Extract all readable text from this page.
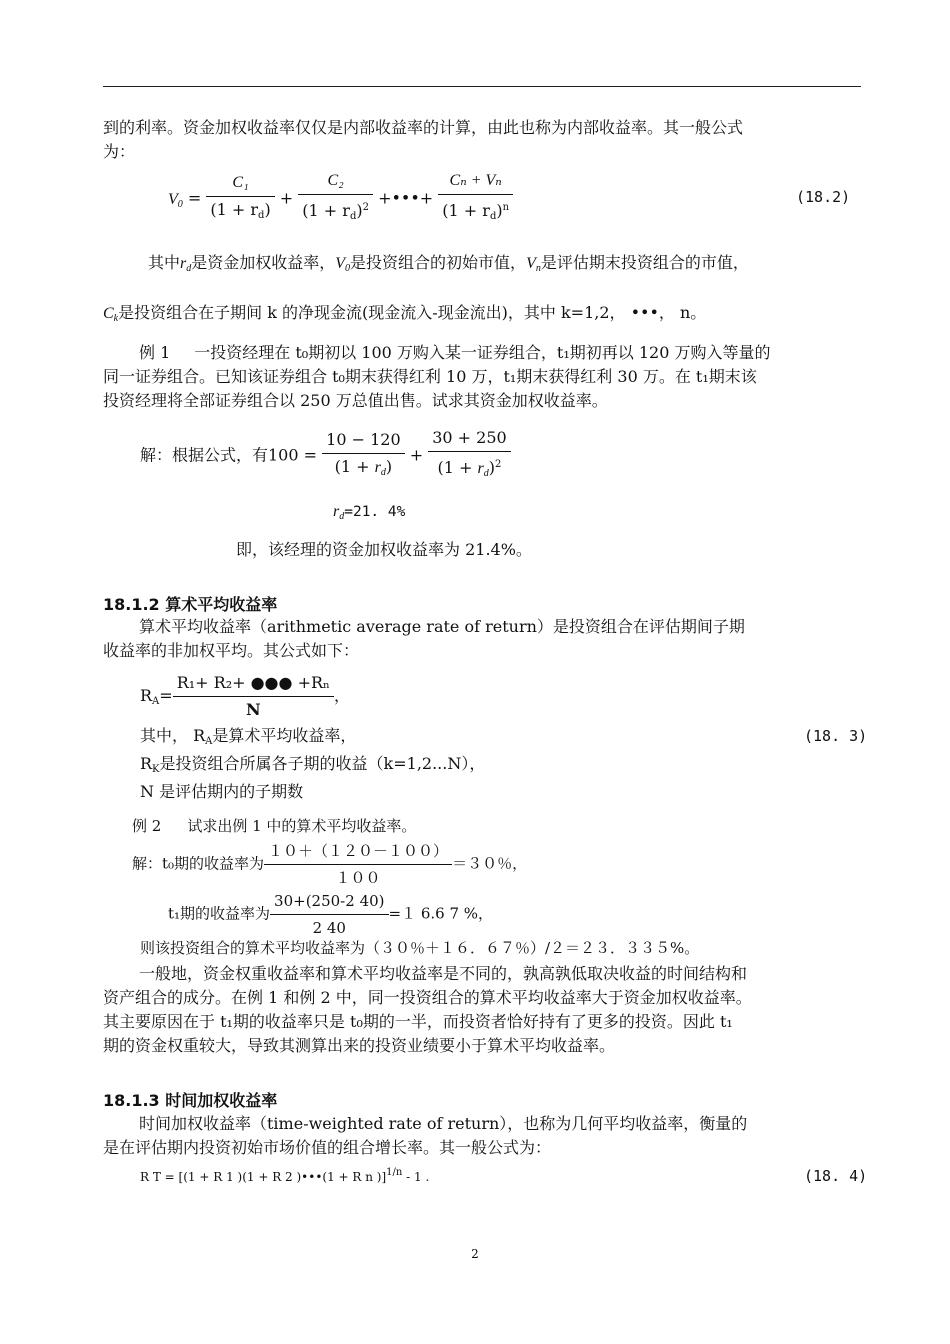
到的利率。资金加权收益率仅仅是内部收益率的计算，由此也称为内部收益率。其一般公式
为：
$V_0 = \frac{\text{C₁}}{(1 + r_d)} + \frac{\text{C₂}}{(1 + r_d)^2}$ +•••+ $\frac{\text{Cₙ + Vₙ}}{(1 + r_d)^n}$	(18.2)
其中$r_d$是资金加权收益率，$V_0$是投资组合的初始市值，$V_n$是评估期末投资组合的市值，
$C_k$是投资组合在子期间 k 的净现金流(现金流入-现金流出)，其中 k=1,2， •••， n。
例 1 一投资经理在 t₀期初以 100 万购入某一证券组合，t₁期初再以 120 万购入等量的
同一证券组合。已知该证券组合 t₀期末获得红利 10 万，t₁期末获得红利 30 万。在 t₁期末该
投资经理将全部证券组合以 250 万总值出售。试求其资金加权收益率。
解：根据公式，有$100 = \frac{10 - 120}{(1 + r_d)} + \frac{30 + 250}{(1 + r_d)^2}$
$r_d=21$. 4%
即，该经理的资金加权收益率为 21.4%。
18.1.2 算术平均收益率
算术平均收益率（arithmetic average rate of return）是投资组合在评估期间子期
收益率的非加权平均。其公式如下：
$R_A= \frac{\text{R₁+ R₂+ ●●● +Rₙ}}{N}$ ，
其中， $R_A$是算术平均收益率，	(18. 3)
$R_K$是投资组合所属各子期的收益（k=1,2...N），
N 是评估期内的子期数
例 2 试求出例 1 中的算术平均收益率。
解：t₀期的收益率为 $\frac{10+(120-100)}{100} =30$％，
t₁期的收益率为 $\frac{30+(250-2 40)}{2 40} =1$ 6.6 7 %，
则该投资组合的算术平均收益率为（３０％＋１６．６７％）/２＝２３．３３５%。
一般地，资金权重收益率和算术平均收益率是不同的，孰高孰低取决收益的时间结构和
资产组合的成分。在例 1 和例 2 中，同一投资组合的算术平均收益率大于资金加权收益率。
其主要原因在于 t₁期的收益率只是 t₀期的一半，而投资者恰好持有了更多的投资。因此 t₁
期的资金权重较大，导致其测算出来的投资业绩要小于算术平均收益率。
18.1.3 时间加权收益率
时间加权收益率（time-weighted rate of return），也称为几何平均收益率，衡量的
是在评估期内投资初始市场价值的组合增长率。其一般公式为：
R T = [(1 + R 1 )(1 + R 2 )•••(1 + R n )]$^{1/n}$ - 1 .	(18. 4)
2
